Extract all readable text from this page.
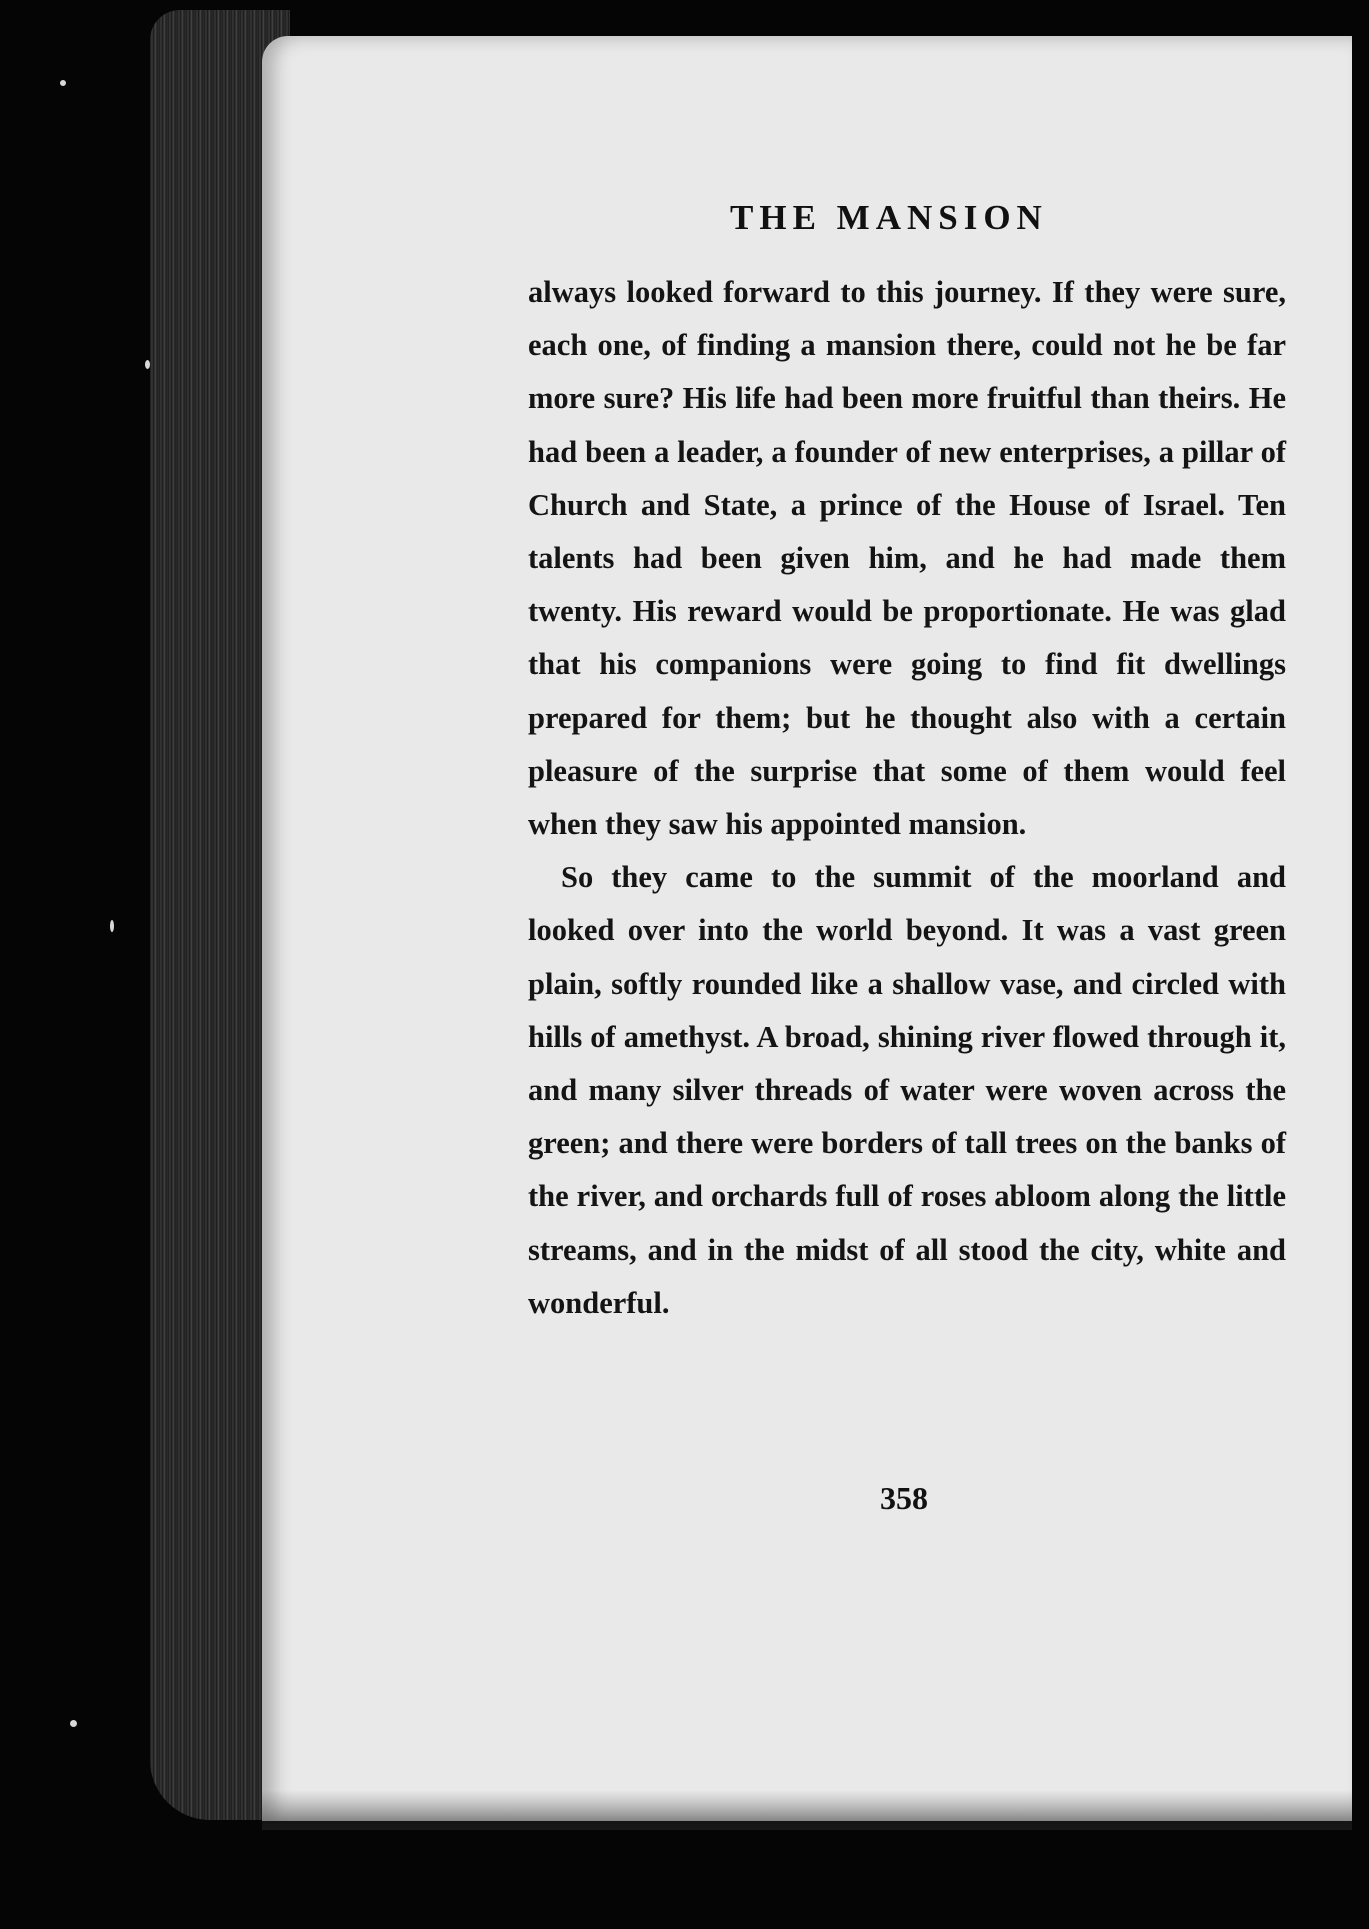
THE MANSION

always looked forward to this journey. If they were sure, each one, of finding a mansion there, could not he be far more sure? His life had been more fruitful than theirs. He had been a leader, a founder of new enterprises, a pillar of Church and State, a prince of the House of Israel. Ten talents had been given him, and he had made them twenty. His reward would be proportionate. He was glad that his companions were going to find fit dwellings prepared for them; but he thought also with a certain pleasure of the surprise that some of them would feel when they saw his appointed mansion.

So they came to the summit of the moorland and looked over into the world beyond. It was a vast green plain, softly rounded like a shallow vase, and circled with hills of amethyst. A broad, shining river flowed through it, and many silver threads of water were woven across the green; and there were borders of tall trees on the banks of the river, and orchards full of roses abloom along the little streams, and in the midst of all stood the city, white and wonderful.

358
